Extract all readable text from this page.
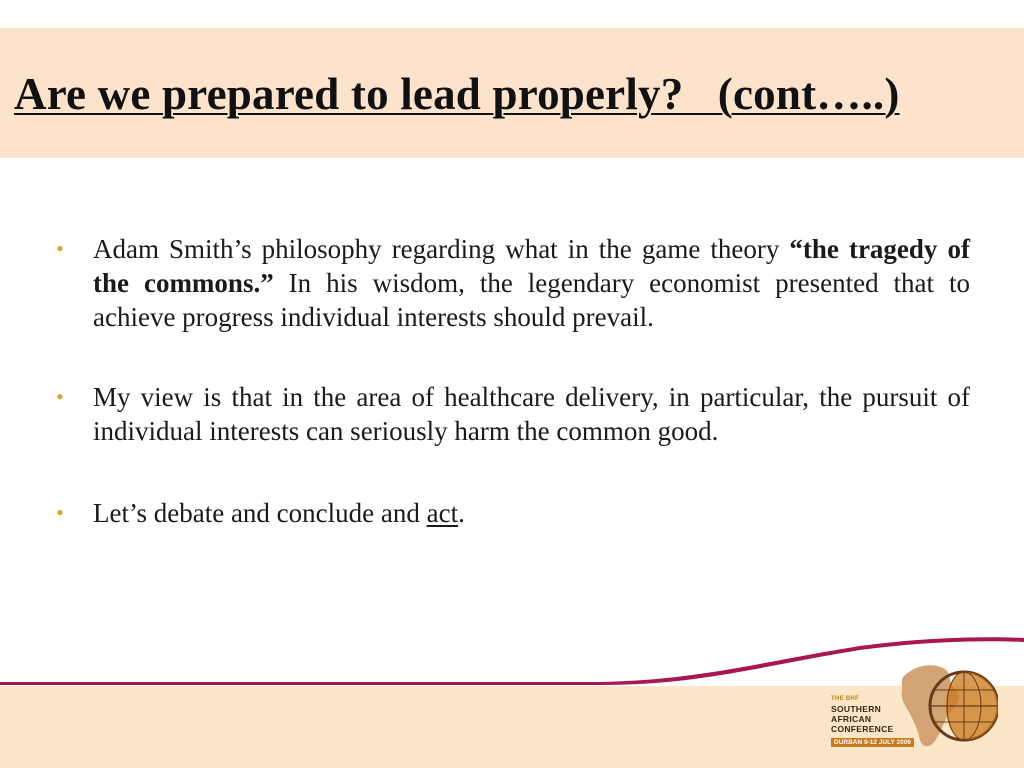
Are we prepared to lead properly?   (cont…..)
• Adam Smith’s philosophy regarding what in the game theory “the tragedy of the commons.” In his wisdom, the legendary economist presented that to achieve progress individual interests should prevail.
• My view is that in the area of healthcare delivery, in particular, the pursuit of individual interests can seriously harm the common good.
• Let’s debate and conclude and act.
THE BHF
SOUTHERN
AFRICAN
CONFERENCE
DURBAN 9-12 JULY 2006
